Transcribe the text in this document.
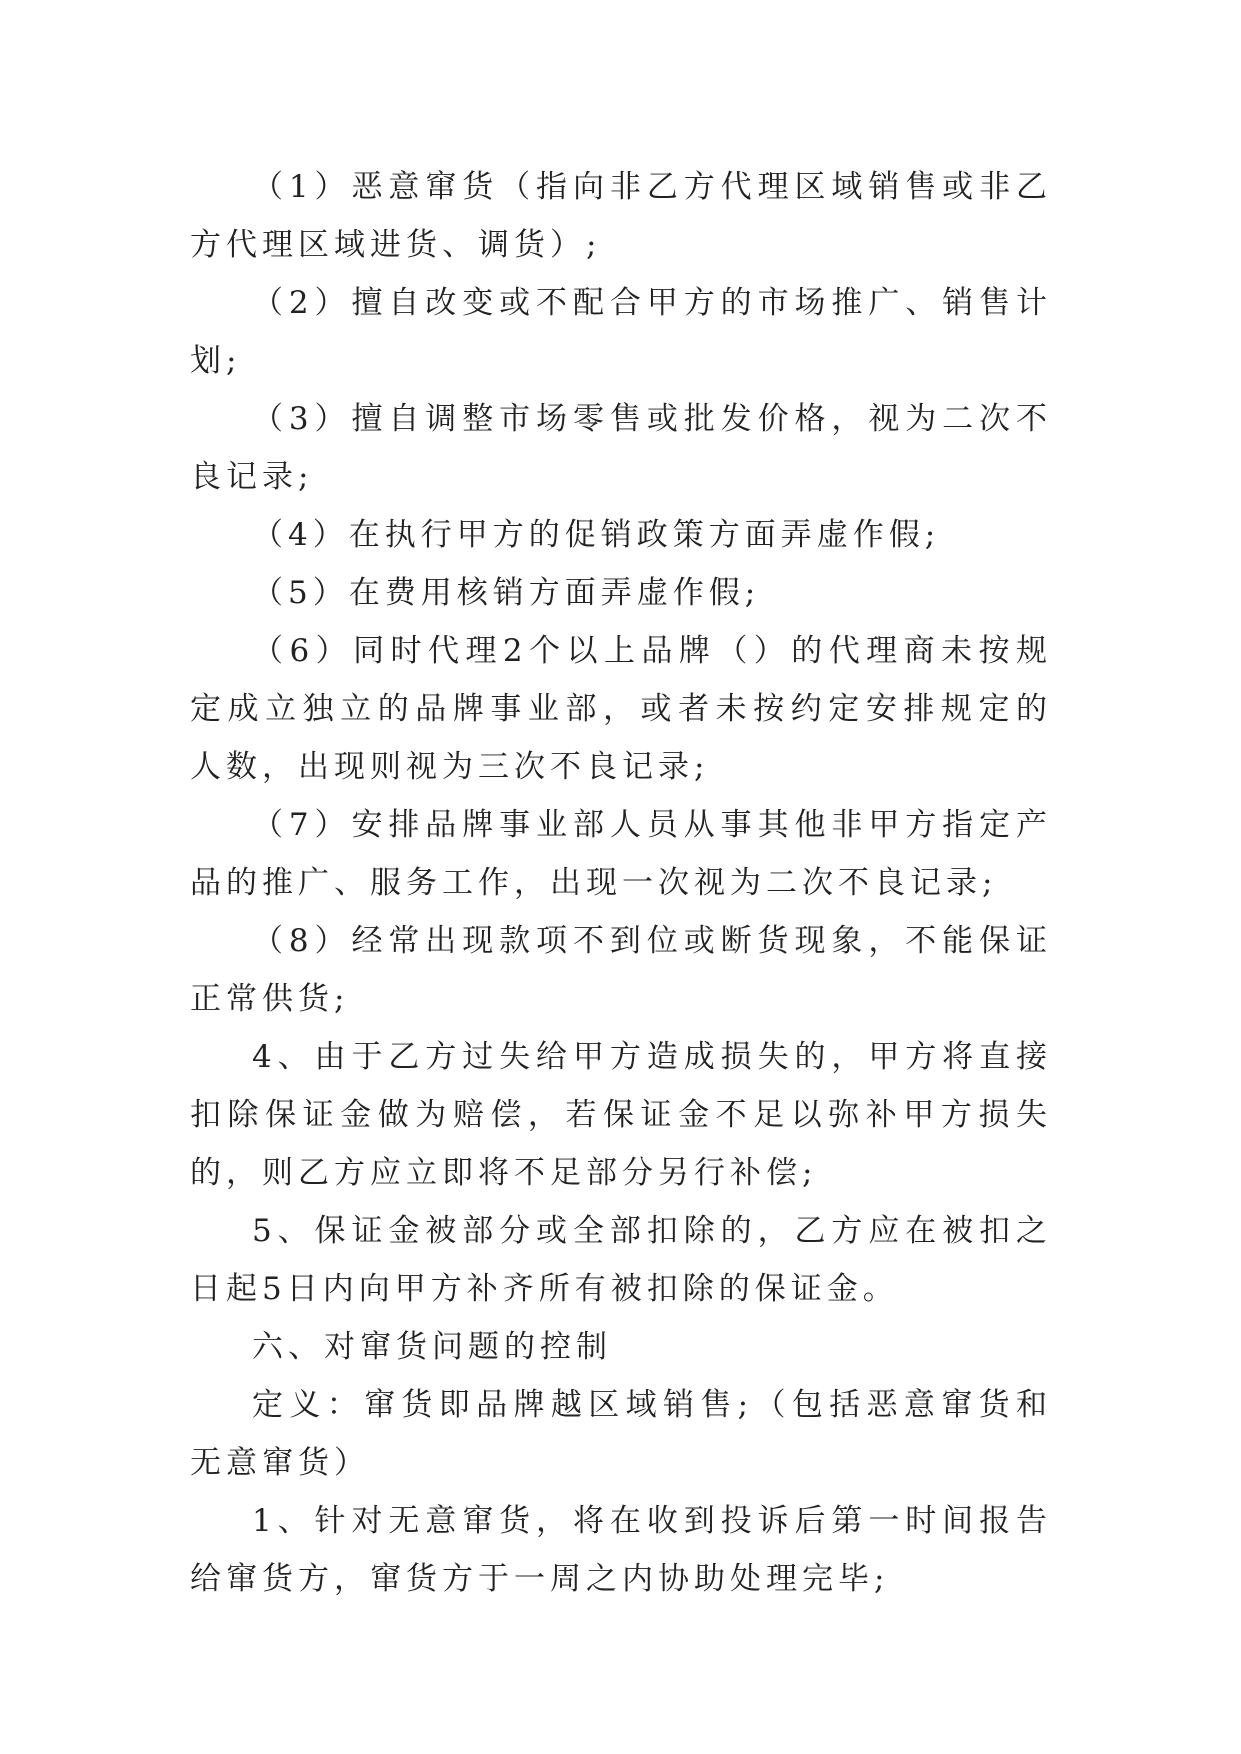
（1）恶意窜货（指向非乙方代理区域销售或非乙方代理区域进货、调货）;

（2）擅自改变或不配合甲方的市场推广、销售计划;

（3）擅自调整市场零售或批发价格，视为二次不良记录;

（4）在执行甲方的促销政策方面弄虚作假;

（5）在费用核销方面弄虚作假;

（6）同时代理2个以上品牌（）的代理商未按规定成立独立的品牌事业部，或者未按约定安排规定的人数，出现则视为三次不良记录;

（7）安排品牌事业部人员从事其他非甲方指定产品的推广、服务工作，出现一次视为二次不良记录;

（8）经常出现款项不到位或断货现象，不能保证正常供货;

4、由于乙方过失给甲方造成损失的，甲方将直接扣除保证金做为赔偿，若保证金不足以弥补甲方损失的，则乙方应立即将不足部分另行补偿;

5、保证金被部分或全部扣除的，乙方应在被扣之日起5日内向甲方补齐所有被扣除的保证金。

六、对窜货问题的控制

定义：窜货即品牌越区域销售;（包括恶意窜货和无意窜货）

1、针对无意窜货，将在收到投诉后第一时间报告给窜货方，窜货方于一周之内协助处理完毕;
